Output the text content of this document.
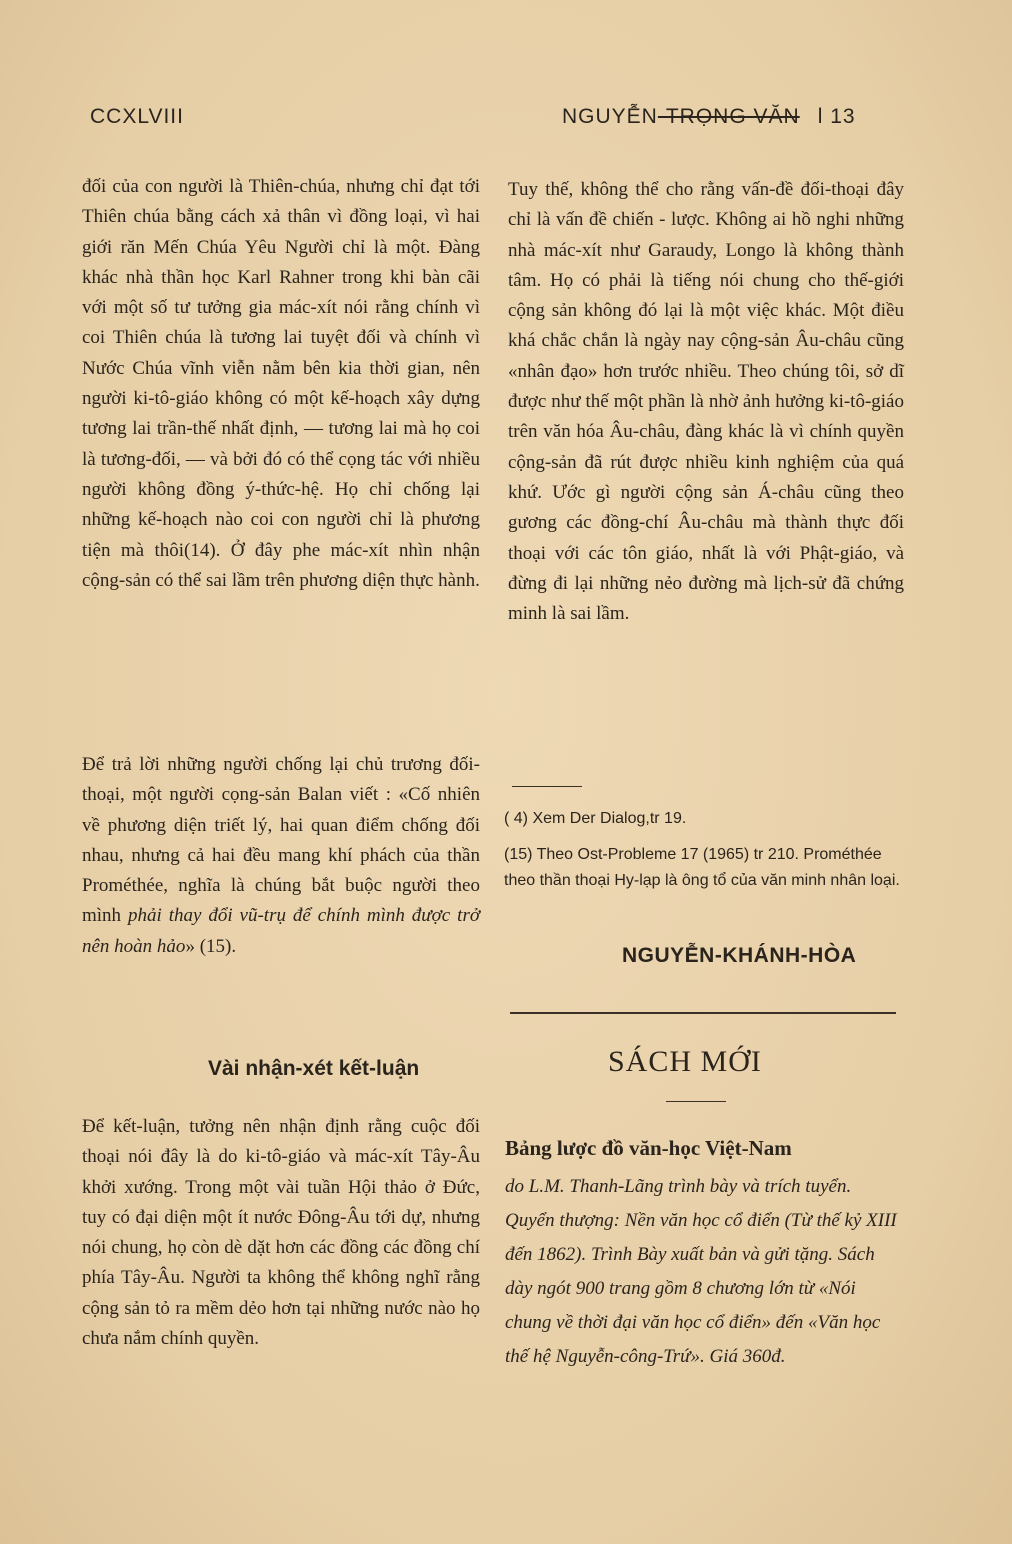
CCXLVIII	NGUYỄN-TRỌNG VĂN l 13

đối của con người là Thiên-chúa, nhưng chỉ đạt tới Thiên chúa bằng cách xả thân vì đồng loại, vì hai giới răn Mến Chúa Yêu Người chỉ là một. Đàng khác nhà thần học Karl Rahner trong khi bàn cãi với một số tư tưởng gia mác-xít nói rằng chính vì coi Thiên chúa là tương lai tuyệt đối và chính vì Nước Chúa vĩnh viễn nằm bên kia thời gian, nên người ki-tô-giáo không có một kế-hoạch xây dựng tương lai trần-thế nhất định, — tương lai mà họ coi là tương-đối, — và bởi đó có thể cọng tác với nhiều người không đồng ý-thức-hệ. Họ chỉ chống lại những kế-hoạch nào coi con người chỉ là phương tiện mà thôi(14). Ở đây phe mác-xít nhìn nhận cộng-sản có thể sai lầm trên phương diện thực hành.

Để trả lời những người chống lại chủ trương đối-thoại, một người cọng-sản Balan viết : «Cố nhiên về phương diện triết lý, hai quan điểm chống đối nhau, nhưng cả hai đều mang khí phách của thần Prométhée, nghĩa là chúng bắt buộc người theo mình phải thay đổi vũ-trụ để chính mình được trở nên hoàn hảo» (15).

Vài nhận-xét kết-luận

Để kết-luận, tưởng nên nhận định rằng cuộc đối thoại nói đây là do ki-tô-giáo và mác-xít Tây-Âu khởi xướng. Trong một vài tuần Hội thảo ở Đức, tuy có đại diện một ít nước Đông-Âu tới dự, nhưng nói chung, họ còn dè dặt hơn các đồng các đồng chí phía Tây-Âu. Người ta không thể không nghĩ rằng cộng sản tỏ ra mềm dẻo hơn tại những nước nào họ chưa nắm chính quyền.

Tuy thế, không thể cho rằng vấn-đề đối-thoại đây chỉ là vấn đề chiến - lược. Không ai hồ nghi những nhà mác-xít như Garaudy, Longo là không thành tâm. Họ có phải là tiếng nói chung cho thế-giới cộng sản không đó lại là một việc khác. Một điều khá chắc chắn là ngày nay cộng-sản Âu-châu cũng «nhân đạo» hơn trước nhiều. Theo chúng tôi, sở dĩ được như thế một phần là nhờ ảnh hưởng ki-tô-giáo trên văn hóa Âu-châu, đàng khác là vì chính quyền cộng-sản đã rút được nhiều kinh nghiệm của quá khứ. Ước gì người cộng sản Á-châu cũng theo gương các đồng-chí Âu-châu mà thành thực đối thoại với các tôn giáo, nhất là với Phật-giáo, và đừng đi lại những nẻo đường mà lịch-sử đã chứng minh là sai lầm.

( 4) Xem Der Dialog,tr 19.
(15) Theo Ost-Probleme 17 (1965) tr 210. Prométhée theo thần thoại Hy-lạp là ông tổ của văn minh nhân loại.
NGUYỄN-KHÁNH-HÒA
SÁCH MỚI
Bảng lược đồ văn-học Việt-Nam
do L.M. Thanh-Lãng trình bày và trích tuyển. Quyển thượng: Nền văn học cổ điển (Từ thế kỷ XIII đến 1862). Trình Bày xuất bản và gửi tặng. Sách dày ngót 900 trang gồm 8 chương lớn từ «Nói chung về thời đại văn học cổ điển» đến «Văn học thế hệ Nguyễn-công-Trứ». Giá 360đ.
